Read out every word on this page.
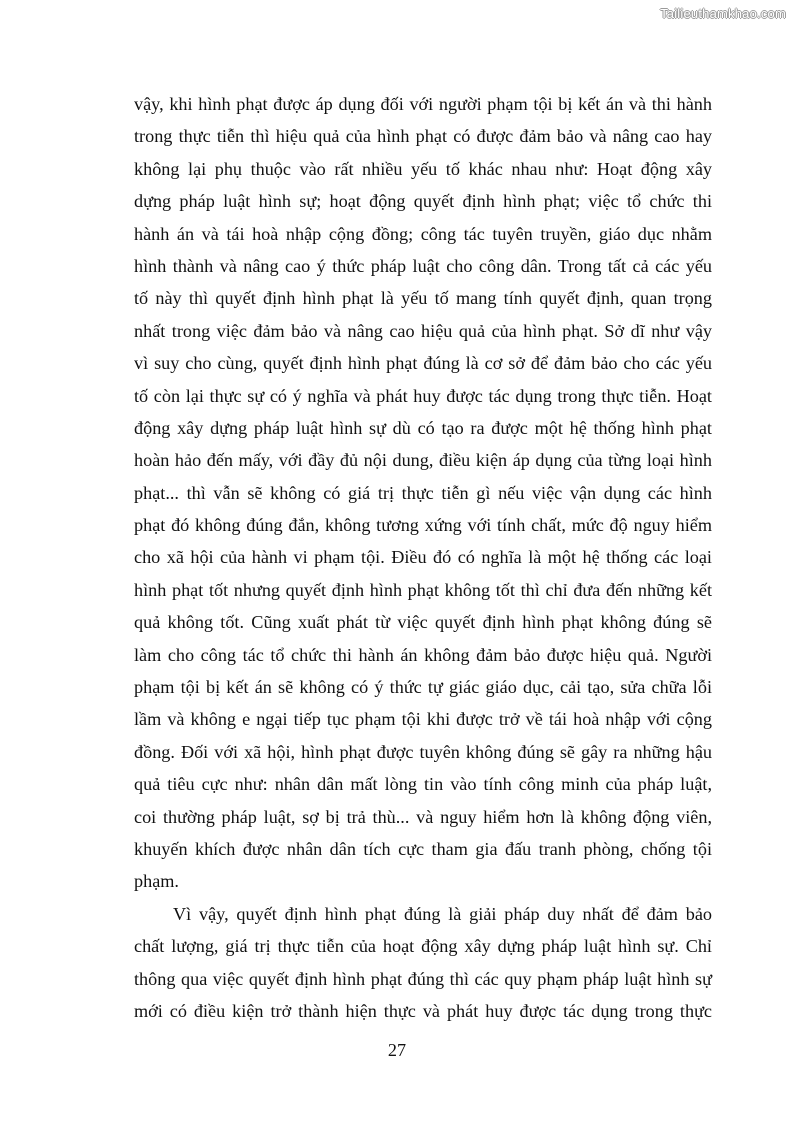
Tailieuthamkhao.com
vậy, khi hình phạt được áp dụng đối với người phạm tội bị kết án và thi hành
trong thực tiễn thì hiệu quả của hình phạt có được đảm bảo và nâng cao hay
không lại phụ thuộc vào rất nhiều yếu tố khác nhau như: Hoạt động xây
dựng pháp luật hình sự; hoạt động quyết định hình phạt; việc tổ chức thi
hành án và tái hoà nhập cộng đồng; công tác tuyên truyền, giáo dục nhằm
hình thành và nâng cao ý thức pháp luật cho công dân. Trong tất cả các yếu
tố này thì quyết định hình phạt là yếu tố mang tính quyết định, quan trọng
nhất trong việc đảm bảo và nâng cao hiệu quả của hình phạt. Sở dĩ như vậy
vì suy cho cùng, quyết định hình phạt đúng là cơ sở để đảm bảo cho các yếu
tố còn lại thực sự có ý nghĩa và phát huy được tác dụng trong thực tiễn. Hoạt
động xây dựng pháp luật hình sự dù có tạo ra được một hệ thống hình phạt
hoàn hảo đến mấy, với đầy đủ nội dung, điều kiện áp dụng của từng loại hình
phạt... thì vẫn sẽ không có giá trị thực tiễn gì nếu việc vận dụng các hình
phạt đó không đúng đắn, không tương xứng với tính chất, mức độ nguy hiểm
cho xã hội của hành vi phạm tội. Điều đó có nghĩa là một hệ thống các loại
hình phạt tốt nhưng quyết định hình phạt không tốt thì chỉ đưa đến những kết
quả không tốt. Cũng xuất phát từ việc quyết định hình phạt không đúng sẽ
làm cho công tác tổ chức thi hành án không đảm bảo được hiệu quả. Người
phạm tội bị kết án sẽ không có ý thức tự giác giáo dục, cải tạo, sửa chữa lỗi
lầm và không e ngại tiếp tục phạm tội khi được trở về tái hoà nhập với cộng
đồng. Đối với xã hội, hình phạt được tuyên không đúng sẽ gây ra những hậu
quả tiêu cực như: nhân dân mất lòng tin vào tính công minh của pháp luật,
coi thường pháp luật, sợ bị trả thù... và nguy hiểm hơn là không động viên,
khuyến khích được nhân dân tích cực tham gia đấu tranh phòng, chống tội
phạm.
Vì vậy, quyết định hình phạt đúng là giải pháp duy nhất để đảm bảo
chất lượng, giá trị thực tiễn của hoạt động xây dựng pháp luật hình sự. Chỉ
thông qua việc quyết định hình phạt đúng thì các quy phạm pháp luật hình sự
mới có điều kiện trở thành hiện thực và phát huy được tác dụng trong thực
27
